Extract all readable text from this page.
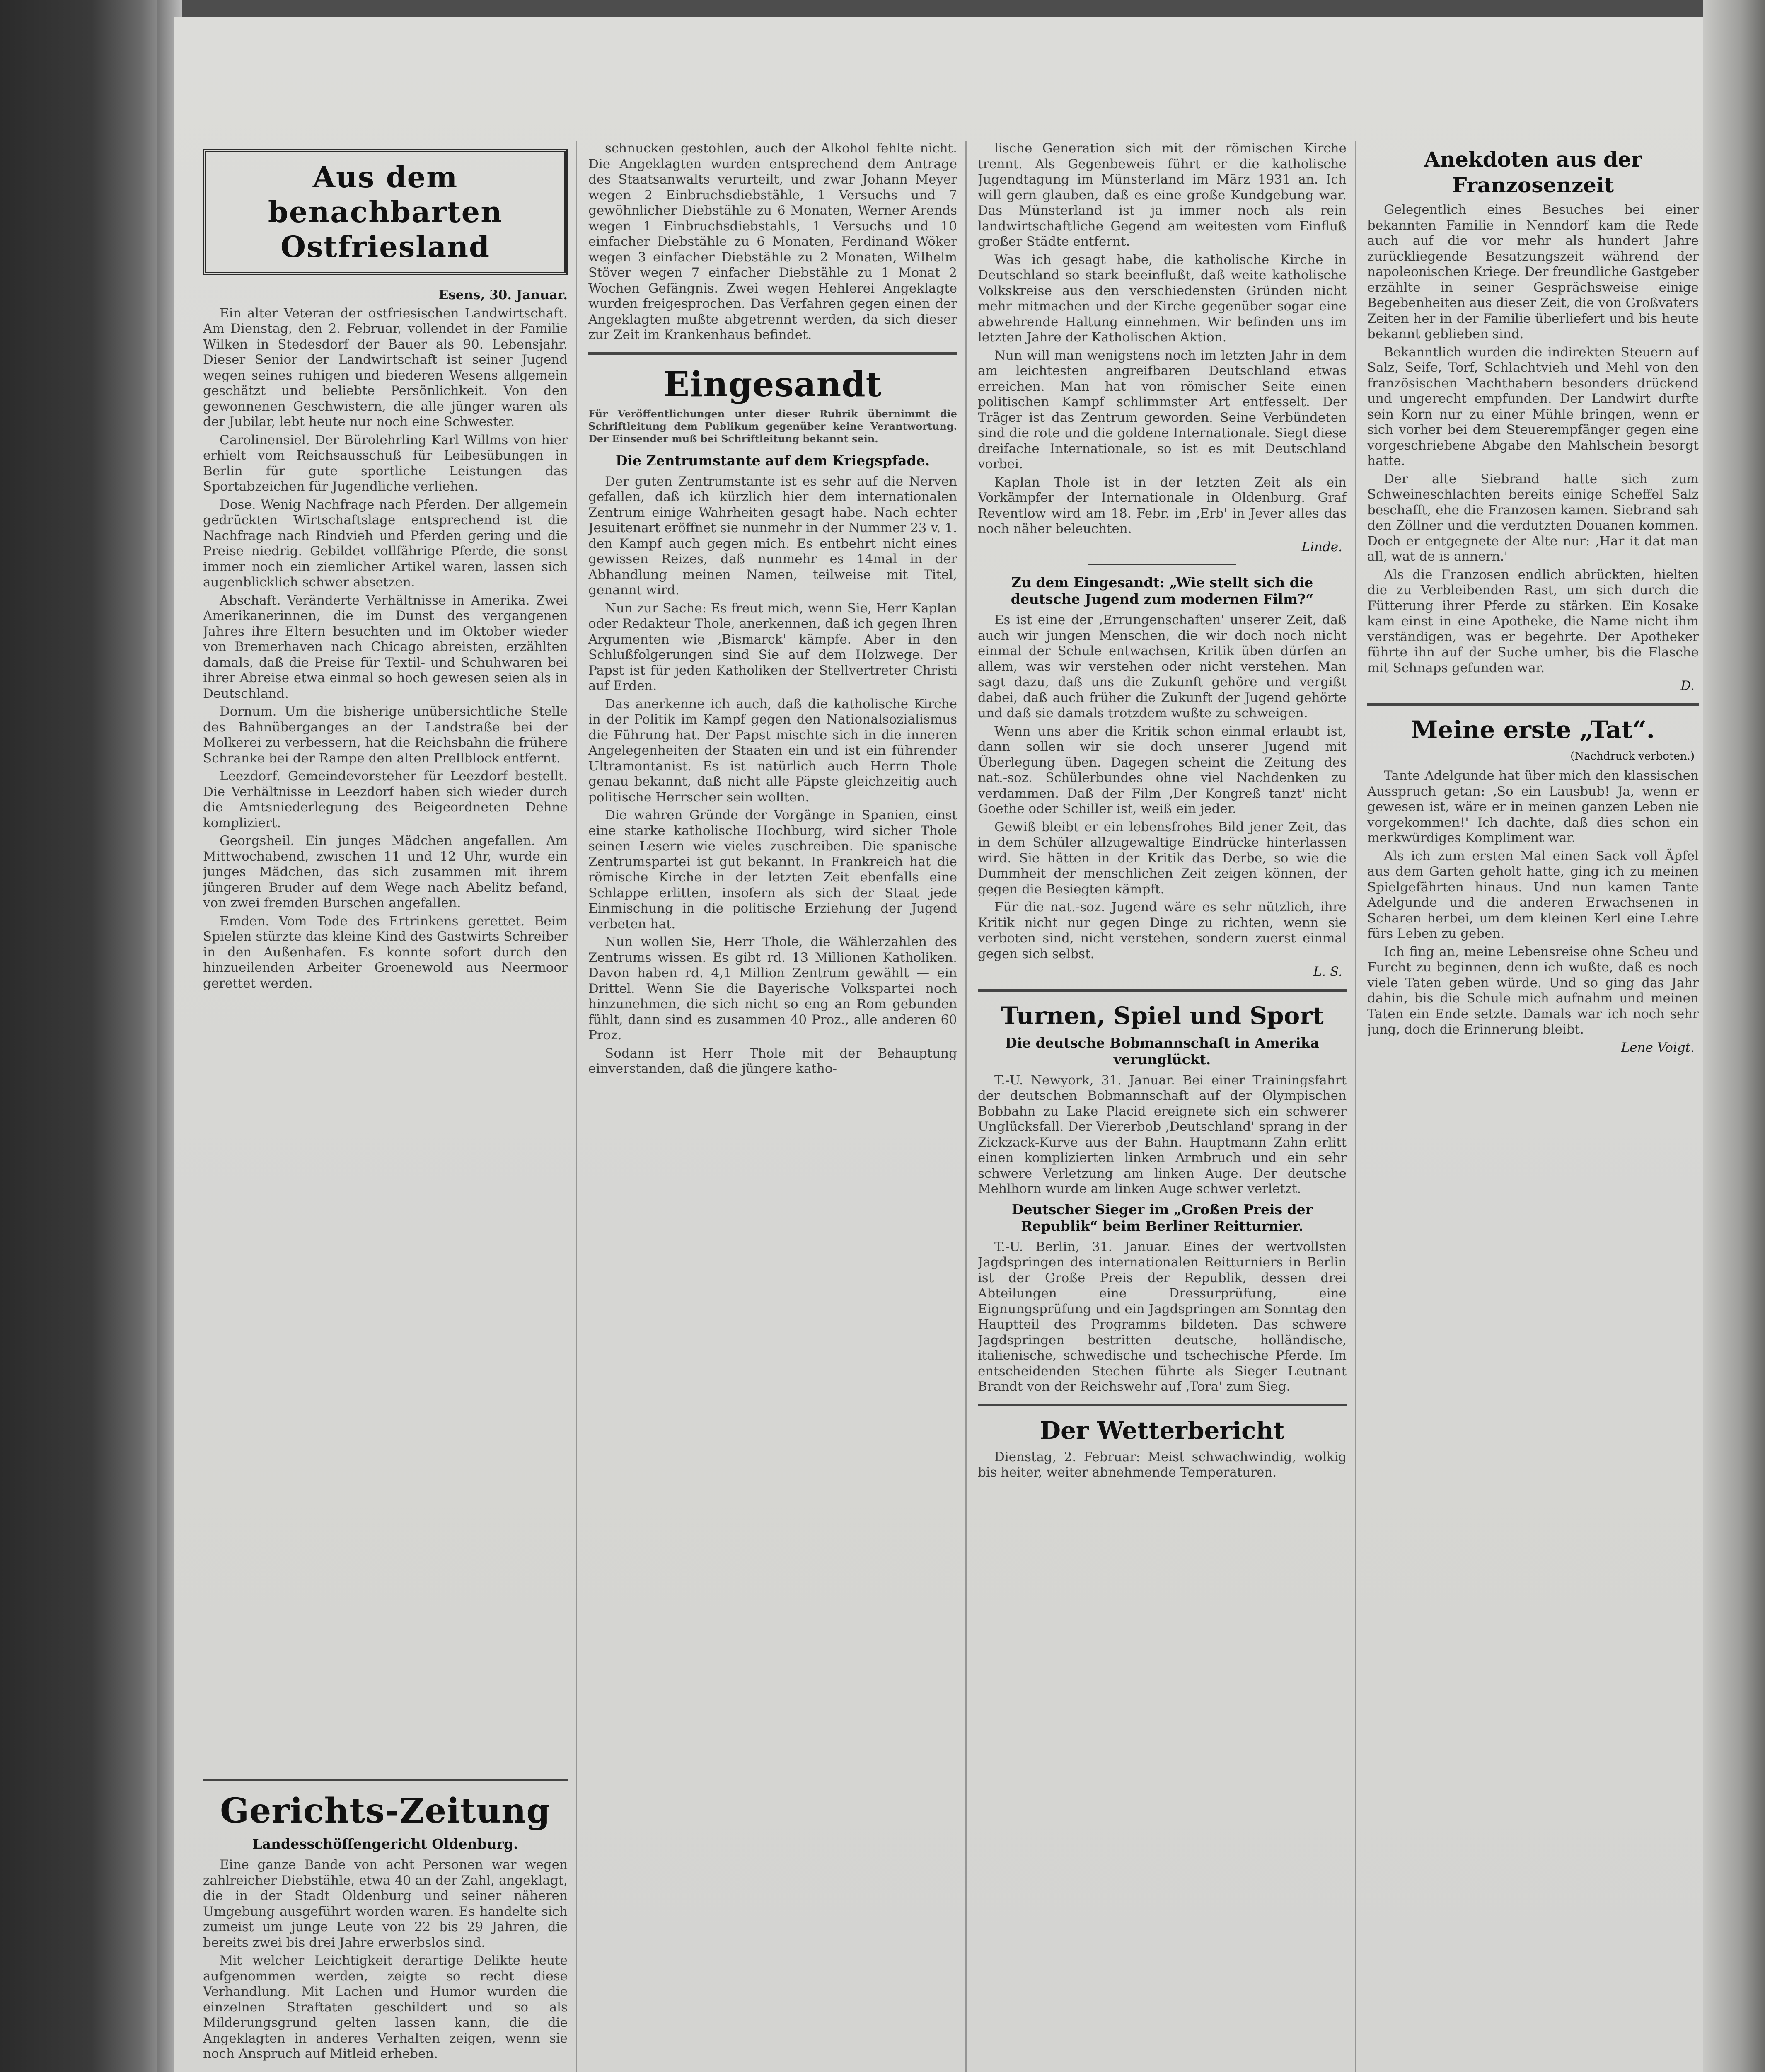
Aus dem benachbarten Ostfriesland
Esens, 30. Januar.

Ein alter Veteran der ostfriesischen Landwirtschaft. Am Dienstag, den 2. Februar, vollendet in der Familie Wilken in Stedesdorf der Bauer als 90. Lebensjahr. Dieser Senior der Landwirtschaft ist seiner Jugend wegen seines ruhigen und biederen Wesens allgemein geschätzt und beliebte Persönlichkeit. Von den gewonnenen Geschwistern, die alle jünger waren als der Jubilar, lebt heute nur noch eine Schwester.

Carolinensiel. Der Bürolehrling Karl Willms von hier erhielt vom Reichsausschuß für Leibesübungen in Berlin für gute sportliche Leistungen das Sportabzeichen für Jugendliche verliehen.

Dose. Wenig Nachfrage nach Pferden. Der allgemein gedrückten Wirtschaftslage entsprechend ist die Nachfrage nach Rindvieh und Pferden gering und die Preise niedrig. Gebildet vollfährige Pferde, die sonst immer noch ein ziemlicher Artikel waren, lassen sich augenblicklich schwer absetzen.

Abschaft. Veränderte Verhältnisse in Amerika. Zwei Amerikanerinnen, die im Dunst des vergangenen Jahres ihre Eltern besuchten und im Oktober wieder von Bremerhaven nach Chicago abreisten, erzählten damals, daß die Preise für Textil- und Schuhwaren bei ihrer Abreise etwa einmal so hoch gewesen seien als in Deutschland.

Dornum. Um die bisherige unübersichtliche Stelle des Bahnüberganges an der Landstraße bei der Molkerei zu verbessern, hat die Reichsbahn die frühere Schranke bei der Rampe den alten Prellblock entfernt.

Leezdorf. Gemeindevorsteher für Leezdorf bestellt. Die Verhältnisse in Leezdorf haben sich wieder durch die Amtsniederlegung des Beigeordneten Dehne kompliziert.

Georgsheil. Ein junges Mädchen angefallen. Am Mittwochabend, zwischen 11 und 12 Uhr, wurde ein junges Mädchen, das sich zusammen mit ihrem jüngeren Bruder auf dem Wege nach Abelitz befand, von zwei fremden Burschen angefallen.

Emden. Vom Tode des Ertrinkens gerettet. Beim Spielen stürzte das kleine Kind des Gastwirts Schreiber in den Außenhafen. Es konnte sofort durch den hinzueilenden Arbeiter Groenewold aus Neermoor gerettet werden.

Gerichts-Zeitung
Landesschöffengericht Oldenburg.

Eine ganze Bande von acht Personen war wegen zahlreicher Diebstähle, etwa 40 an der Zahl, angeklagt, die in der Stadt Oldenburg und seiner näheren Umgebung ausgeführt worden waren. Es handelte sich zumeist um junge Leute von 22 bis 29 Jahren, die bereits zwei bis drei Jahre erwerbslos sind.

Mit welcher Leichtigkeit derartige Delikte heute aufgenommen werden, zeigte so recht diese Verhandlung. Mit Lachen und Humor wurden die einzelnen Straftaten geschildert und so als Milderungsgrund gelten lassen kann, die die Angeklagten in anderes Verhalten zeigen, wenn sie noch Anspruch auf Mitleid erheben.

schnucken gestohlen, auch der Alkohol fehlte nicht. Die Angeklagten wurden entsprechend dem Antrage des Staatsanwalts verurteilt, und zwar Johann Meyer wegen 2 Einbruchsdiebstähle, 1 Versuchs und 7 gewöhnlicher Diebstähle zu 6 Monaten, Werner Arends wegen 1 Einbruchsdiebstahls, 1 Versuchs und 10 einfacher Diebstähle zu 6 Monaten, Ferdinand Wöker wegen 3 einfacher Diebstähle zu 2 Monaten, Wilhelm Stöver wegen 7 einfacher Diebstähle zu 1 Monat 2 Wochen Gefängnis. Zwei wegen Hehlerei Angeklagte wurden freigesprochen. Das Verfahren gegen einen der Angeklagten mußte abgetrennt werden, da sich dieser zur Zeit im Krankenhaus befindet.

Eingesandt
Für Veröffentlichungen unter dieser Rubrik übernimmt die Schriftleitung dem Publikum gegenüber keine Verantwortung. Der Einsender muß bei Schriftleitung bekannt sein.
Die Zentrumstante auf dem Kriegspfade.

Der guten Zentrumstante ist es sehr auf die Nerven gefallen, daß ich kürzlich hier dem internationalen Zentrum einige Wahrheiten gesagt habe. Nach echter Jesuitenart eröffnet sie nunmehr in der Nummer 23 v. 1. den Kampf auch gegen mich. Es entbehrt nicht eines gewissen Reizes, daß nunmehr es 14mal in der Abhandlung meinen Namen, teilweise mit Titel, genannt wird.

Nun zur Sache: Es freut mich, wenn Sie, Herr Kaplan oder Redakteur Thole, anerkennen, daß ich gegen Ihren Argumenten wie ‚Bismarck' kämpfe. Aber in den Schlußfolgerungen sind Sie auf dem Holzwege. Der Papst ist für jeden Katholiken der Stellvertreter Christi auf Erden.

Das anerkenne ich auch, daß die katholische Kirche in der Politik im Kampf gegen den Nationalsozialismus die Führung hat. Der Papst mischte sich in die inneren Angelegenheiten der Staaten ein und ist ein führender Ultramontanist. Es ist natürlich auch Herrn Thole genau bekannt, daß nicht alle Päpste gleichzeitig auch politische Herrscher sein wollten.

Die wahren Gründe der Vorgänge in Spanien, einst eine starke katholische Hochburg, wird sicher Thole seinen Lesern wie vieles zuschreiben. Die spanische Zentrumspartei ist gut bekannt. In Frankreich hat die römische Kirche in der letzten Zeit ebenfalls eine Schlappe erlitten, insofern als sich der Staat jede Einmischung in die politische Erziehung der Jugend verbeten hat.

Nun wollen Sie, Herr Thole, die Wählerzahlen des Zentrums wissen. Es gibt rd. 13 Millionen Katholiken. Davon haben rd. 4,1 Million Zentrum gewählt — ein Drittel. Wenn Sie die Bayerische Volkspartei noch hinzunehmen, die sich nicht so eng an Rom gebunden fühlt, dann sind es zusammen 40 Proz., alle anderen 60 Proz.

Sodann ist Herr Thole mit der Behauptung einverstanden, daß die jüngere katho-

lische Generation sich mit der römischen Kirche trennt. Als Gegenbeweis führt er die katholische Jugendtagung im Münsterland im März 1931 an. Ich will gern glauben, daß es eine große Kundgebung war. Das Münsterland ist ja immer noch als rein landwirtschaftliche Gegend am weitesten vom Einfluß großer Städte entfernt.

Was ich gesagt habe, die katholische Kirche in Deutschland so stark beeinflußt, daß weite katholische Volkskreise aus den verschiedensten Gründen nicht mehr mitmachen und der Kirche gegenüber sogar eine abwehrende Haltung einnehmen. Wir befinden uns im letzten Jahre der Katholischen Aktion.

Nun will man wenigstens noch im letzten Jahr in dem am leichtesten angreifbaren Deutschland etwas erreichen. Man hat von römischer Seite einen politischen Kampf schlimmster Art entfesselt. Der Träger ist das Zentrum geworden. Seine Verbündeten sind die rote und die goldene Internationale. Siegt diese dreifache Internationale, so ist es mit Deutschland vorbei.

Kaplan Thole ist in der letzten Zeit als ein Vorkämpfer der Internationale in Oldenburg. Graf Reventlow wird am 18. Febr. im ‚Erb' in Jever alles das noch näher beleuchten.

Linde.
Zu dem Eingesandt: „Wie stellt sich die deutsche Jugend zum modernen Film?“

Es ist eine der ‚Errungenschaften' unserer Zeit, daß auch wir jungen Menschen, die wir doch noch nicht einmal der Schule entwachsen, Kritik üben dürfen an allem, was wir verstehen oder nicht verstehen. Man sagt dazu, daß uns die Zukunft gehöre und vergißt dabei, daß auch früher die Zukunft der Jugend gehörte und daß sie damals trotzdem wußte zu schweigen.

Wenn uns aber die Kritik schon einmal erlaubt ist, dann sollen wir sie doch unserer Jugend mit Überlegung üben. Dagegen scheint die Zeitung des nat.-soz. Schülerbundes ohne viel Nachdenken zu verdammen. Daß der Film ‚Der Kongreß tanzt' nicht Goethe oder Schiller ist, weiß ein jeder.

Gewiß bleibt er ein lebensfrohes Bild jener Zeit, das in dem Schüler allzugewaltige Eindrücke hinterlassen wird. Sie hätten in der Kritik das Derbe, so wie die Dummheit der menschlichen Zeit zeigen können, der gegen die Besiegten kämpft.

Für die nat.-soz. Jugend wäre es sehr nützlich, ihre Kritik nicht nur gegen Dinge zu richten, wenn sie verboten sind, nicht verstehen, sondern zuerst einmal gegen sich selbst.

L. S.
Turnen, Spiel und Sport
Die deutsche Bobmannschaft in Amerika verunglückt.

T.-U. Newyork, 31. Januar. Bei einer Trainingsfahrt der deutschen Bobmannschaft auf der Olympischen Bobbahn zu Lake Placid ereignete sich ein schwerer Unglücksfall. Der Viererbob ‚Deutschland' sprang in der Zickzack-Kurve aus der Bahn. Hauptmann Zahn erlitt einen komplizierten linken Armbruch und ein sehr schwere Verletzung am linken Auge. Der deutsche Mehlhorn wurde am linken Auge schwer verletzt.

Deutscher Sieger im „Großen Preis der Republik“ beim Berliner Reitturnier.

T.-U. Berlin, 31. Januar. Eines der wertvollsten Jagdspringen des internationalen Reitturniers in Berlin ist der Große Preis der Republik, dessen drei Abteilungen eine Dressurprüfung, eine Eignungsprüfung und ein Jagdspringen am Sonntag den Hauptteil des Programms bildeten. Das schwere Jagdspringen bestritten deutsche, holländische, italienische, schwedische und tschechische Pferde. Im entscheidenden Stechen führte als Sieger Leutnant Brandt von der Reichswehr auf ‚Tora' zum Sieg.

Der Wetterbericht

Dienstag, 2. Februar: Meist schwachwindig, wolkig bis heiter, weiter abnehmende Temperaturen.

Anekdoten aus der Franzosenzeit

Gelegentlich eines Besuches bei einer bekannten Familie in Nenndorf kam die Rede auch auf die vor mehr als hundert Jahre zurückliegende Besatzungszeit während der napoleonischen Kriege. Der freundliche Gastgeber erzählte in seiner Gesprächsweise einige Begebenheiten aus dieser Zeit, die von Großvaters Zeiten her in der Familie überliefert und bis heute bekannt geblieben sind.

Bekanntlich wurden die indirekten Steuern auf Salz, Seife, Torf, Schlachtvieh und Mehl von den französischen Machthabern besonders drückend und ungerecht empfunden. Der Landwirt durfte sein Korn nur zu einer Mühle bringen, wenn er sich vorher bei dem Steuerempfänger gegen eine vorgeschriebene Abgabe den Mahlschein besorgt hatte.

Der alte Siebrand hatte sich zum Schweineschlachten bereits einige Scheffel Salz beschafft, ehe die Franzosen kamen. Siebrand sah den Zöllner und die verdutzten Douanen kommen. Doch er entgegnete der Alte nur: ‚Har it dat man all, wat de is annern.'

Als die Franzosen endlich abrückten, hielten die zu Verbleibenden Rast, um sich durch die Fütterung ihrer Pferde zu stärken. Ein Kosake kam einst in eine Apotheke, die Name nicht ihm verständigen, was er begehrte. Der Apotheker führte ihn auf der Suche umher, bis die Flasche mit Schnaps gefunden war.

D.
Meine erste „Tat“.
(Nachdruck verboten.)

Tante Adelgunde hat über mich den klassischen Ausspruch getan: ‚So ein Lausbub! Ja, wenn er gewesen ist, wäre er in meinen ganzen Leben nie vorgekommen!' Ich dachte, daß dies schon ein merkwürdiges Kompliment war.

Als ich zum ersten Mal einen Sack voll Äpfel aus dem Garten geholt hatte, ging ich zu meinen Spielgefährten hinaus. Und nun kamen Tante Adelgunde und die anderen Erwachsenen in Scharen herbei, um dem kleinen Kerl eine Lehre fürs Leben zu geben.

Ich fing an, meine Lebensreise ohne Scheu und Furcht zu beginnen, denn ich wußte, daß es noch viele Taten geben würde. Und so ging das Jahr dahin, bis die Schule mich aufnahm und meinen Taten ein Ende setzte. Damals war ich noch sehr jung, doch die Erinnerung bleibt.

Lene Voigt.
